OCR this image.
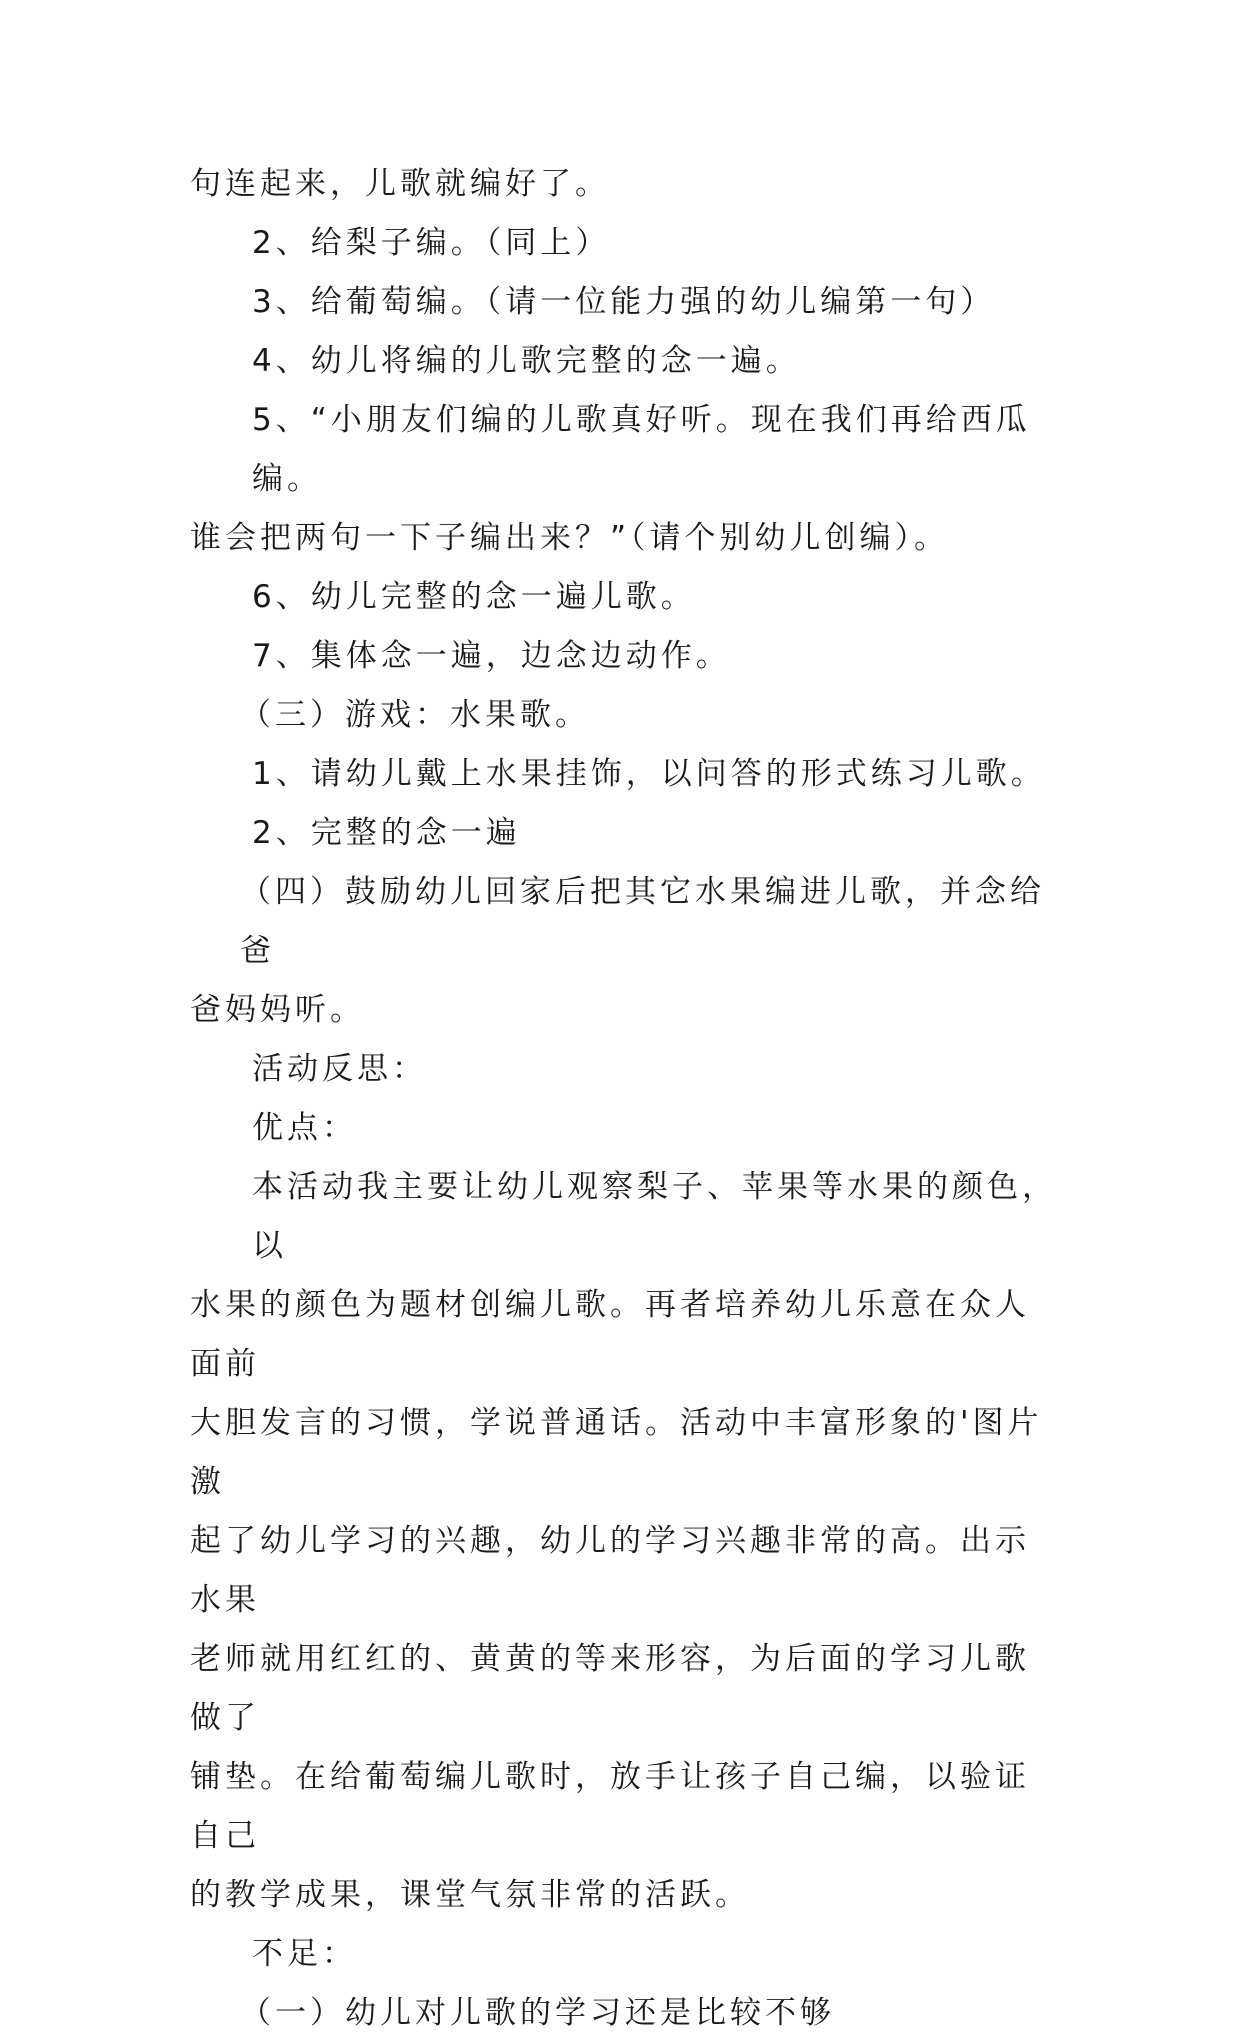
句连起来，儿歌就编好了。

2、给梨子编。（同上）

3、给葡萄编。（请一位能力强的幼儿编第一句）

4、幼儿将编的儿歌完整的念一遍。

5、“小朋友们编的儿歌真好听。现在我们再给西瓜编。

谁会把两句一下子编出来？”（请个别幼儿创编）。

6、幼儿完整的念一遍儿歌。

7、集体念一遍，边念边动作。

（三）游戏：水果歌。

1、请幼儿戴上水果挂饰，以问答的形式练习儿歌。

2、完整的念一遍

（四）鼓励幼儿回家后把其它水果编进儿歌，并念给爸

爸妈妈听。

活动反思：

优点：

本活动我主要让幼儿观察梨子、苹果等水果的颜色，以

水果的颜色为题材创编儿歌。再者培养幼儿乐意在众人面前

大胆发言的习惯，学说普通话。活动中丰富形象的'图片激

起了幼儿学习的兴趣，幼儿的学习兴趣非常的高。出示水果

老师就用红红的、黄黄的等来形容，为后面的学习儿歌做了

铺垫。在给葡萄编儿歌时，放手让孩子自己编，以验证自己

的教学成果，课堂气氛非常的活跃。

不足：

（一）幼儿对儿歌的学习还是比较不够
